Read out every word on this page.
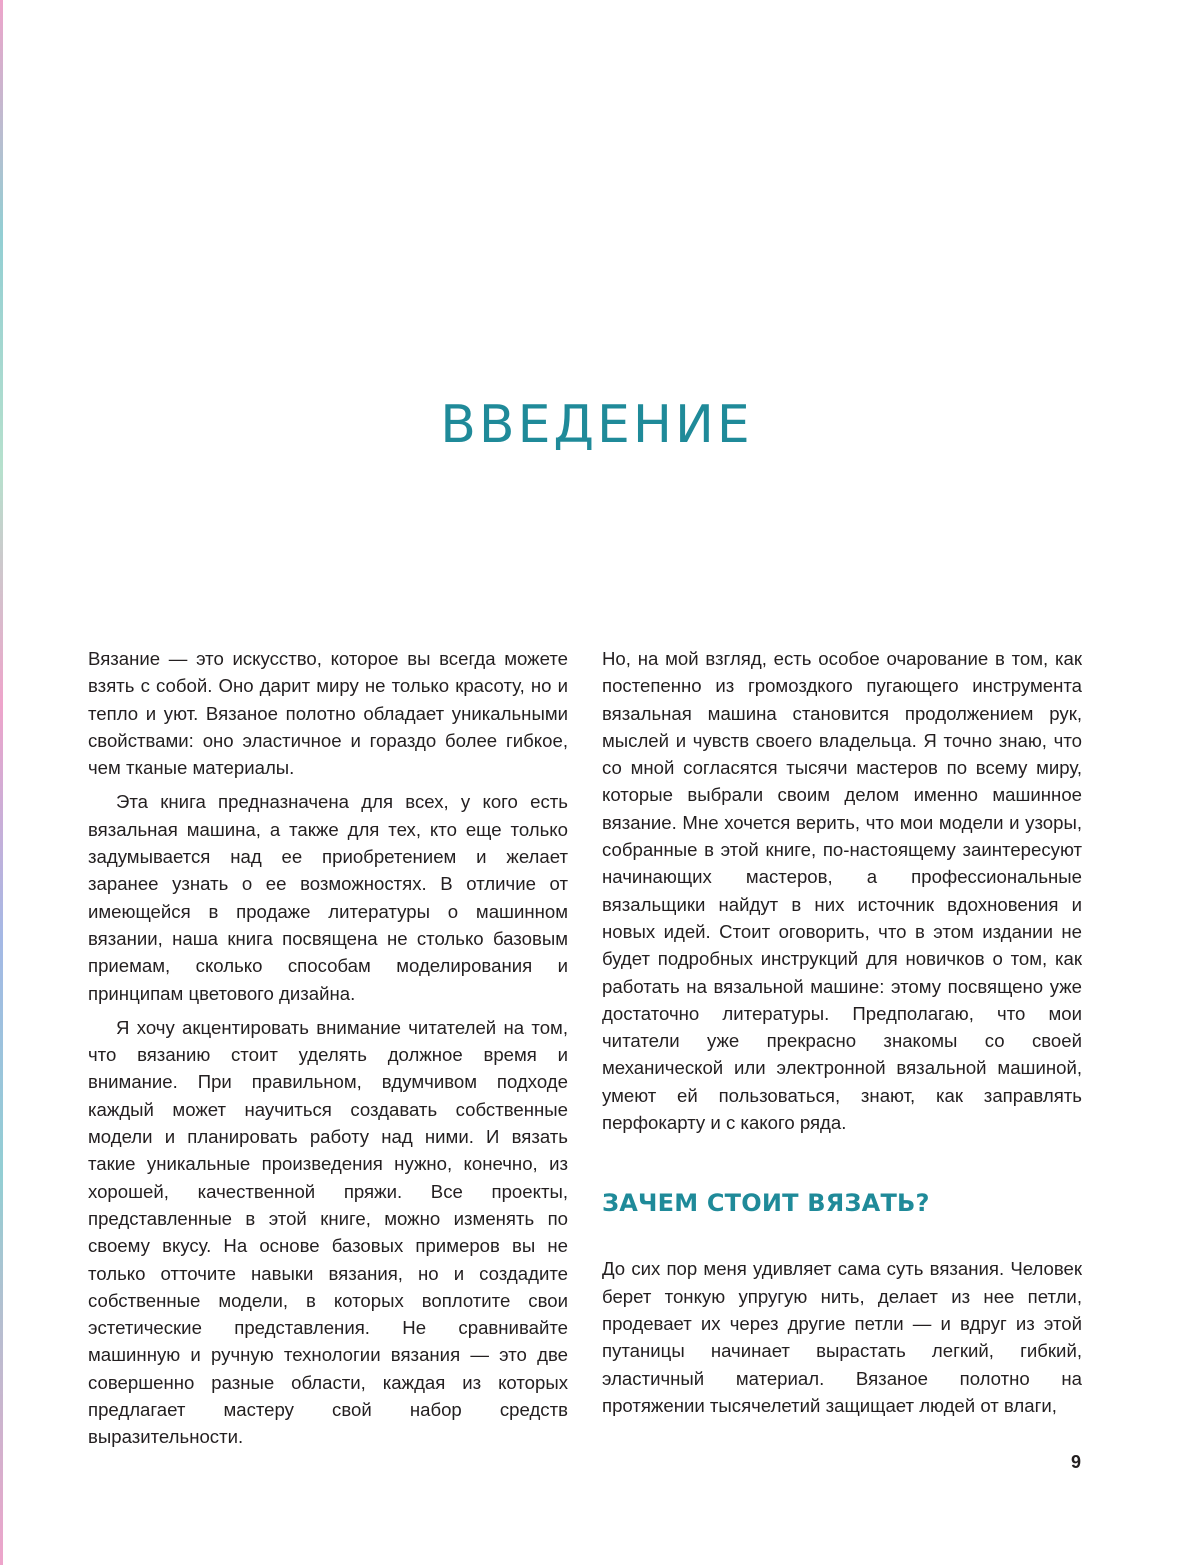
ВВЕДЕНИЕ

Вязание — это искусство, которое вы всегда можете взять с собой. Оно дарит миру не только красоту, но и тепло и уют. Вязаное полотно обладает уникальными свойствами: оно эластичное и гораздо более гибкое, чем тканые материалы.

Эта книга предназначена для всех, у кого есть вязальная машина, а также для тех, кто еще только задумывается над ее приобретением и желает заранее узнать о ее возможностях. В отличие от имеющейся в продаже литературы о машинном вязании, наша книга посвящена не столько базовым приемам, сколько способам моделирования и принципам цветового дизайна.

Я хочу акцентировать внимание читателей на том, что вязанию стоит уделять должное время и внимание. При правильном, вдумчивом подходе каждый может научиться создавать собственные модели и планировать работу над ними. И вязать такие уникальные произведения нужно, конечно, из хорошей, качественной пряжи. Все проекты, представленные в этой книге, можно изменять по своему вкусу. На основе базовых примеров вы не только отточите навыки вязания, но и создадите собственные модели, в которых воплотите свои эстетические представления. Не сравнивайте машинную и ручную технологии вязания — это две совершенно разные области, каждая из которых предлагает мастеру свой набор средств выразительности.

Но, на мой взгляд, есть особое очарование в том, как постепенно из громоздкого пугающего инструмента вязальная машина становится продолжением рук, мыслей и чувств своего владельца. Я точно знаю, что со мной согласятся тысячи мастеров по всему миру, которые выбрали своим делом именно машинное вязание. Мне хочется верить, что мои модели и узоры, собранные в этой книге, по-настоящему заинтересуют начинающих мастеров, а профессиональные вязальщики найдут в них источник вдохновения и новых идей. Стоит оговорить, что в этом издании не будет подробных инструкций для новичков о том, как работать на вязальной машине: этому посвящено уже достаточно литературы. Предполагаю, что мои читатели уже прекрасно знакомы со своей механической или электронной вязальной машиной, умеют ей пользоваться, знают, как заправлять перфокарту и с какого ряда.

ЗАЧЕМ СТОИТ ВЯЗАТЬ?

До сих пор меня удивляет сама суть вязания. Человек берет тонкую упругую нить, делает из нее петли, продевает их через другие петли — и вдруг из этой путаницы начинает вырастать легкий, гибкий, эластичный материал. Вязаное полотно на протяжении тысячелетий защищает людей от влаги,

9
